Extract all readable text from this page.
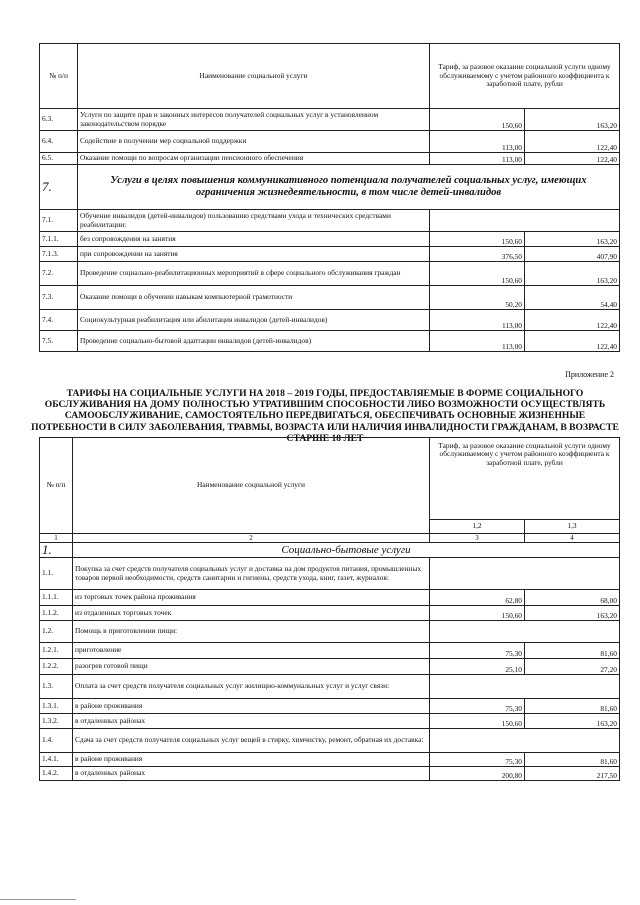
№ п/п	Наименование социальной услуги	Тариф, за разовое оказание социальной услуги одному обслуживаемому с учетом районного коэффициента к заработной плате, рубли	
6.3.	Услуги по защите прав и законных интересов получателей социальных услуг в установленном законодательством порядке	150,60	163,20
6.4.	Содействие в получении мер социальной поддержки	113,00	122,40
6.5.	Оказание помощи по вопросам организации пенсионного обеспечения	113,00	122,40
7.	Услуги в целях повышения коммуникативного потенциала получателей социальных услуг, имеющих ограничения жизнедеятельности, в том числе детей-инвалидов		
7.1.	Обучение инвалидов (детей-инвалидов) пользованию средствами ухода и технических средствами реабилитации:		
7.1.1.	без сопровождения на занятия	150,60	163,20
7.1.3.	при сопровождении на занятия	376,50	407,90
7.2.	Проведение социально-реабилитационных мероприятий в сфере социального обслуживания граждан	150,60	163,20
7.3.	Оказание помощи в обучении навыкам компьютерной грамотности	50,20	54,40
7.4.	Социокультурная реабилитация или абилитация инвалидов (детей-инвалидов)	113,00	122,40
7.5.	Проведение социально-бытовой адаптации инвалидов (детей-инвалидов)	113,00	122,40
Приложение 2
ТАРИФЫ НА СОЦИАЛЬНЫЕ УСЛУГИ НА 2018 – 2019 ГОДЫ, ПРЕДОСТАВЛЯЕМЫЕ В ФОРМЕ СОЦИАЛЬНОГО ОБСЛУЖИВАНИЯ НА ДОМУ ПОЛНОСТЬЮ УТРАТИВШИМ СПОСОБНОСТИ ЛИБО ВОЗМОЖНОСТИ ОСУЩЕСТВЛЯТЬ САМООБСЛУЖИВАНИЕ, САМОСТОЯТЕЛЬНО ПЕРЕДВИГАТЬСЯ, ОБЕСПЕЧИВАТЬ ОСНОВНЫЕ ЖИЗНЕННЫЕ ПОТРЕБНОСТИ В СИЛУ ЗАБОЛЕВАНИЯ, ТРАВМЫ, ВОЗРАСТА ИЛИ НАЛИЧИЯ ИНВАЛИДНОСТИ ГРАЖДАНАМ, В ВОЗРАСТЕ СТАРШЕ 18 ЛЕТ
№ п/п	Наименование социальной услуги	Тариф, за разовое оказание социальной услуги одному обслуживаемому с учетом районного коэффициента к заработной плате, рубли	
		1,2	1,3
1	2	3	4
1.	Социально-бытовые услуги		
1.1.	Покупка за счет средств получателя социальных услуг и доставка на дом продуктов питания, промышленных товаров первой необходимости, средств санитарии и гигиены, средств ухода, книг, газет, журналов:		
1.1.1.	из торговых точек района проживания	62,80	68,00
1.1.2.	из отдаленных торговых точек	150,60	163,20
1.2.	Помощь в приготовлении пищи:		
1.2.1.	приготовление	75,30	81,60
1.2.2.	разогрев готовой пищи	25,10	27,20
1.3.	Оплата за счет средств получателя социальных услуг жилищно-коммунальных услуг и услуг связи:		
1.3.1.	в районе проживания	75,30	81,60
1.3.2.	в отдаленных районах	150,60	163,20
1.4.	Сдача за счет средств получателя социальных услуг вещей в стирку, химчистку, ремонт, обратная их доставка:		
1.4.1.	в районе проживания	75,30	81,60
1.4.2.	в отдаленных районах	200,80	217,50
